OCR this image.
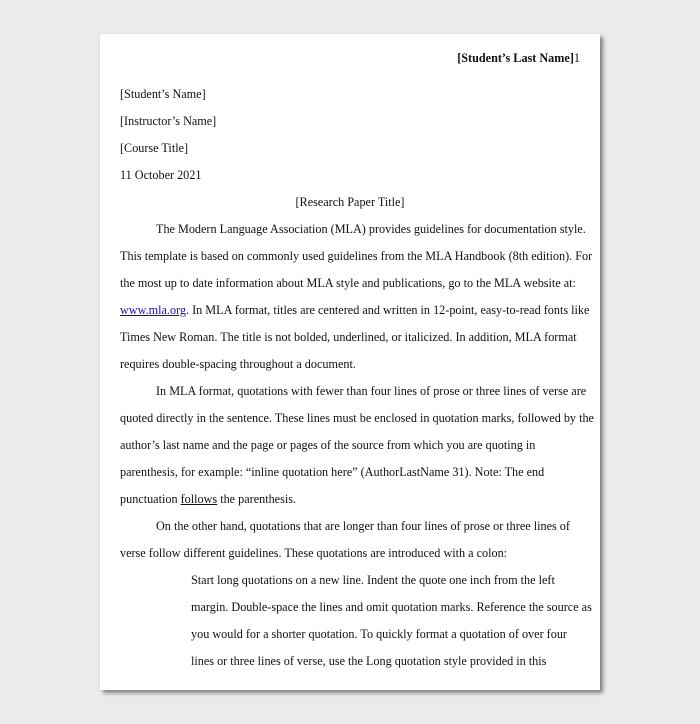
[Student’s Last Name]1
[Student’s Name]
[Instructor’s Name]
[Course Title]
11 October 2021
[Research Paper Title]
The Modern Language Association (MLA) provides guidelines for documentation style.
This template is based on commonly used guidelines from the MLA Handbook (8th edition). For
the most up to date information about MLA style and publications, go to the MLA website at:
www.mla.org. In MLA format, titles are centered and written in 12-point, easy-to-read fonts like
Times New Roman. The title is not bolded, underlined, or italicized. In addition, MLA format
requires double-spacing throughout a document.
In MLA format, quotations with fewer than four lines of prose or three lines of verse are
quoted directly in the sentence. These lines must be enclosed in quotation marks, followed by the
author’s last name and the page or pages of the source from which you are quoting in
parenthesis, for example: “inline quotation here” (AuthorLastName 31). Note: The end
punctuation follows the parenthesis.
On the other hand, quotations that are longer than four lines of prose or three lines of
verse follow different guidelines. These quotations are introduced with a colon:
Start long quotations on a new line. Indent the quote one inch from the left
margin. Double-space the lines and omit quotation marks. Reference the source as
you would for a shorter quotation. To quickly format a quotation of over four
lines or three lines of verse, use the Long quotation style provided in this
